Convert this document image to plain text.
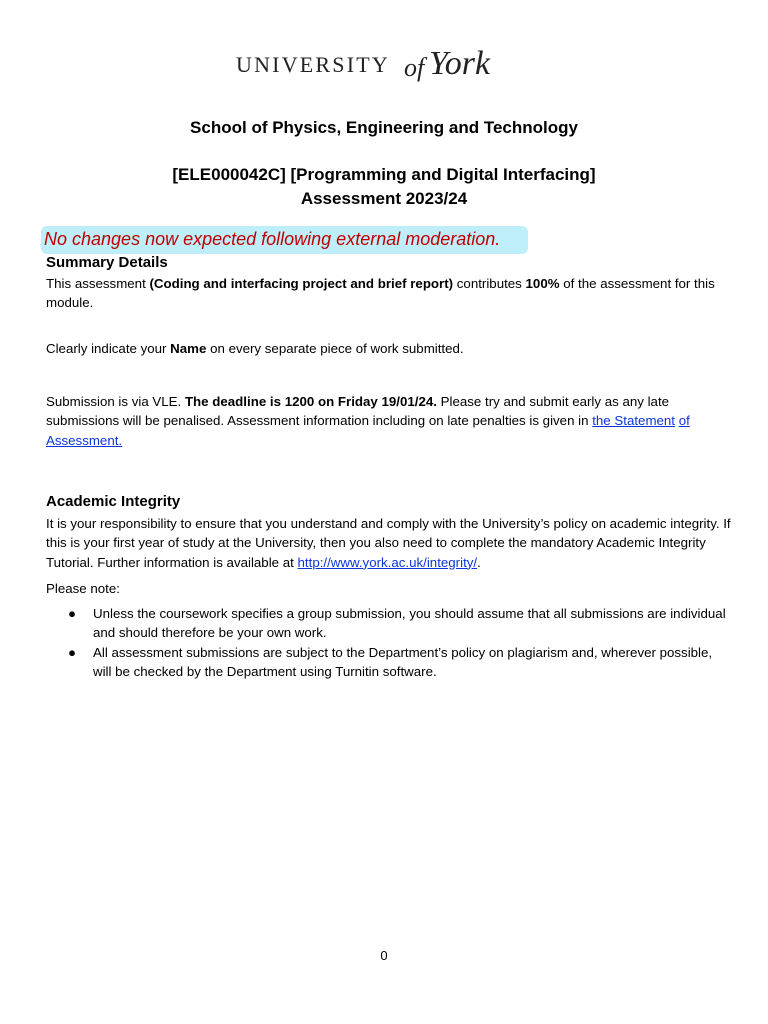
UNIVERSITY of York
School of Physics, Engineering and Technology
[ELE000042C] [Programming and Digital Interfacing]
Assessment 2023/24
No changes now expected following external moderation.
Summary Details
This assessment (Coding and interfacing project and brief report) contributes 100% of the assessment for this module.
Clearly indicate your Name on every separate piece of work submitted.
Submission is via VLE. The deadline is 1200 on Friday 19/01/24. Please try and submit early as any late submissions will be penalised. Assessment information including on late penalties is given in the Statement of Assessment.
Academic Integrity
It is your responsibility to ensure that you understand and comply with the University’s policy on academic integrity. If this is your first year of study at the University, then you also need to complete the mandatory Academic Integrity Tutorial. Further information is available at http://www.york.ac.uk/integrity/.
Please note:
● Unless the coursework specifies a group submission, you should assume that all submissions are individual and should therefore be your own work.
● All assessment submissions are subject to the Department’s policy on plagiarism and, wherever possible, will be checked by the Department using Turnitin software.
0
